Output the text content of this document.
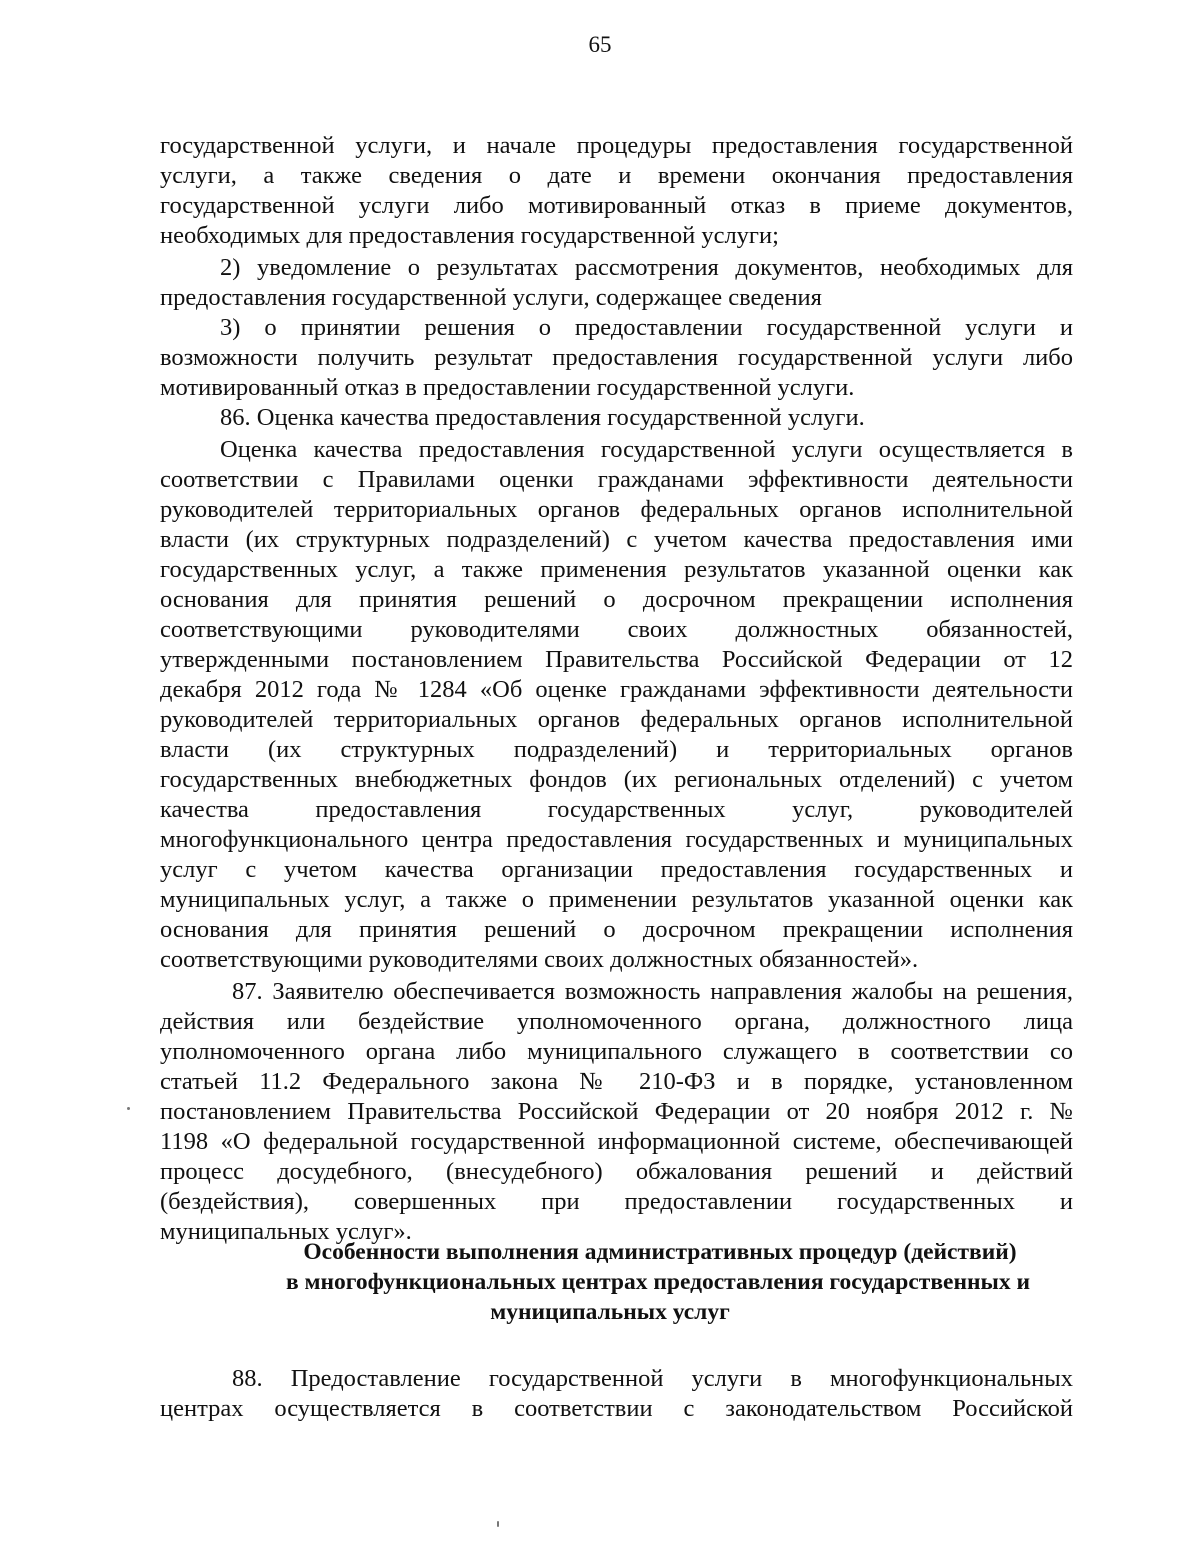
65
государственной услуги, и начале процедуры предоставления государственной
услуги, а также сведения о дате и времени окончания предоставления
государственной услуги либо мотивированный отказ в приеме документов,
необходимых для предоставления государственной услуги;
2) уведомление о результатах рассмотрения документов, необходимых для
предоставления государственной услуги, содержащее сведения
3) о принятии решения о предоставлении государственной услуги и
возможности получить результат предоставления государственной услуги либо
мотивированный отказ в предоставлении государственной услуги.
86. Оценка качества предоставления государственной услуги.
Оценка качества предоставления государственной услуги осуществляется в
соответствии с Правилами оценки гражданами эффективности деятельности
руководителей территориальных органов федеральных органов исполнительной
власти (их структурных подразделений) с учетом качества предоставления ими
государственных услуг, а также применения результатов указанной оценки как
основания для принятия решений о досрочном прекращении исполнения
соответствующими руководителями своих должностных обязанностей,
утвержденными постановлением Правительства Российской Федерации от 12
декабря 2012 года № 1284 «Об оценке гражданами эффективности деятельности
руководителей территориальных органов федеральных органов исполнительной
власти (их структурных подразделений) и территориальных органов
государственных внебюджетных фондов (их региональных отделений) с учетом
качества предоставления государственных услуг, руководителей
многофункционального центра предоставления государственных и муниципальных
услуг с учетом качества организации предоставления государственных и
муниципальных услуг, а также о применении результатов указанной оценки как
основания для принятия решений о досрочном прекращении исполнения
соответствующими руководителями своих должностных обязанностей».
87. Заявителю обеспечивается возможность направления жалобы на решения,
действия или бездействие уполномоченного органа, должностного лица
уполномоченного органа либо муниципального служащего в соответствии со
статьей 11.2 Федерального закона № 210-ФЗ и в порядке, установленном
постановлением Правительства Российской Федерации от 20 ноября 2012 г. №
1198 «О федеральной государственной информационной системе, обеспечивающей
процесс досудебного, (внесудебного) обжалования решений и действий
(бездействия), совершенных при предоставлении государственных и
муниципальных услуг».
Особенности выполнения административных процедур (действий)
в многофункциональных центрах предоставления государственных и
муниципальных услуг
88. Предоставление государственной услуги в многофункциональных
центрах осуществляется в соответствии с законодательством Российской
